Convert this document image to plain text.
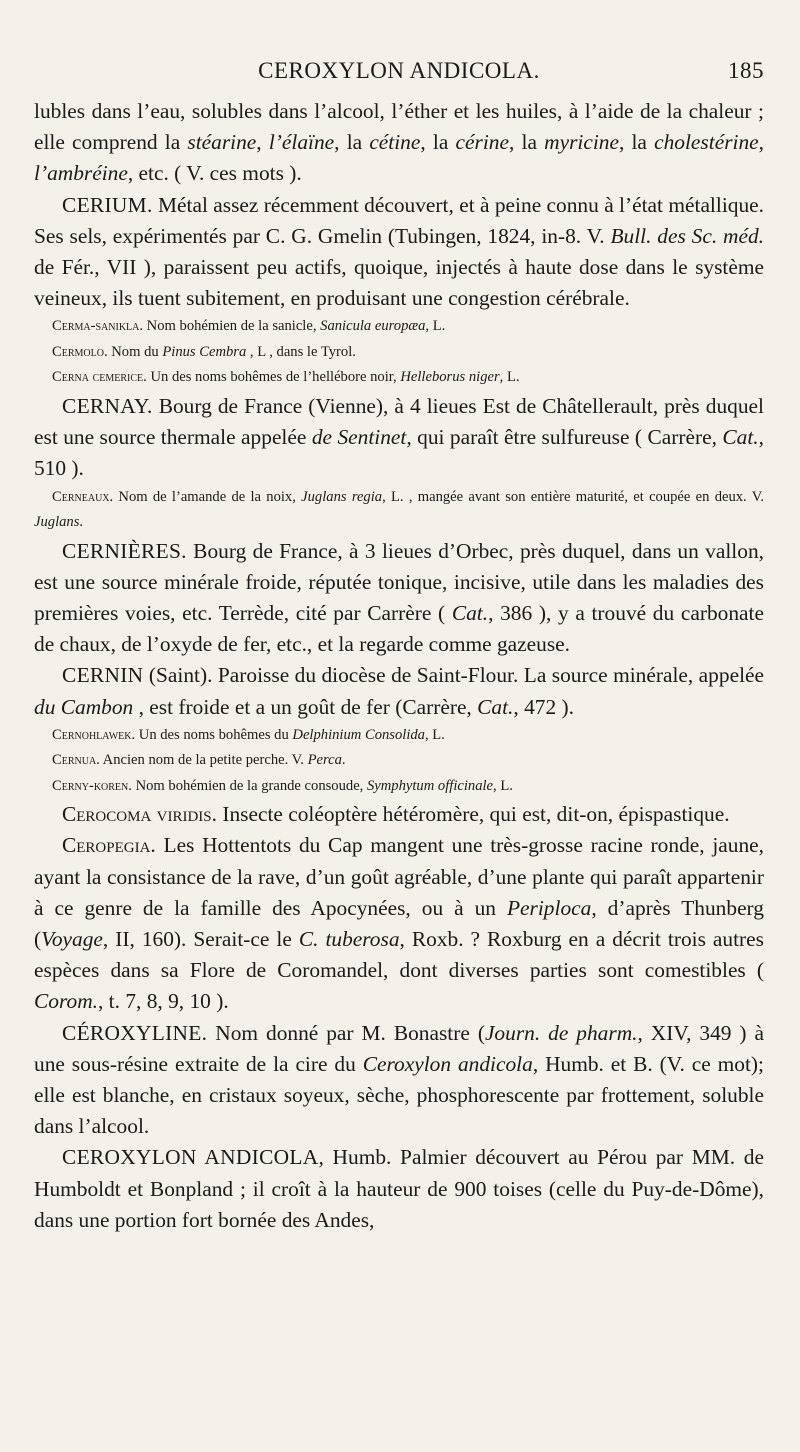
CEROXYLON ANDICOLA.	185

lubles dans l’eau, solubles dans l’alcool, l’éther et les huiles, à l’aide de la chaleur ; elle comprend la stéarine, l’élaïne, la cétine, la cérine, la myricine, la cholestérine, l’ambréine, etc. ( V. ces mots ).

CERIUM. Métal assez récemment découvert, et à peine connu à l’état métallique. Ses sels, expérimentés par C. G. Gmelin (Tubingen, 1824, in-8. V. Bull. des Sc. méd. de Fér., VII ), paraissent peu actifs, quoique, injectés à haute dose dans le système veineux, ils tuent subitement, en produisant une congestion cérébrale.

Cerma-sanikla. Nom bohémien de la sanicle, Sanicula europæa, L.

Cermolo. Nom du Pinus Cembra , L , dans le Tyrol.

Cerna cemerice. Un des noms bohêmes de l’hellébore noir, Helleborus niger, L.

CERNAY. Bourg de France (Vienne), à 4 lieues Est de Châtellerault, près duquel est une source thermale appelée de Sentinet, qui paraît être sulfureuse ( Carrère, Cat., 510 ).

Cerneaux. Nom de l’amande de la noix, Juglans regia, L. , mangée avant son entière maturité, et coupée en deux. V. Juglans.

CERNIÈRES. Bourg de France, à 3 lieues d’Orbec, près duquel, dans un vallon, est une source minérale froide, réputée tonique, incisive, utile dans les maladies des premières voies, etc. Terrède, cité par Carrère ( Cat., 386 ), y a trouvé du carbonate de chaux, de l’oxyde de fer, etc., et la regarde comme gazeuse.

CERNIN (Saint). Paroisse du diocèse de Saint-Flour. La source minérale, appelée du Cambon , est froide et a un goût de fer (Carrère, Cat., 472 ).

Cernohlawek. Un des noms bohêmes du Delphinium Consolida, L.

Cernua. Ancien nom de la petite perche. V. Perca.

Cerny-koren. Nom bohémien de la grande consoude, Symphytum officinale, L.

Cerocoma viridis. Insecte coléoptère hétéromère, qui est, dit-on, épispastique.

Ceropegia. Les Hottentots du Cap mangent une très-grosse racine ronde, jaune, ayant la consistance de la rave, d’un goût agréable, d’une plante qui paraît appartenir à ce genre de la famille des Apocynées, ou à un Periploca, d’après Thunberg (Voyage, II, 160). Serait-ce le C. tuberosa, Roxb. ? Roxburg en a décrit trois autres espèces dans sa Flore de Coromandel, dont diverses parties sont comestibles ( Corom., t. 7, 8, 9, 10 ).

CÉROXYLINE. Nom donné par M. Bonastre (Journ. de pharm., XIV, 349 ) à une sous-résine extraite de la cire du Ceroxylon andicola, Humb. et B. (V. ce mot); elle est blanche, en cristaux soyeux, sèche, phosphorescente par frottement, soluble dans l’alcool.

CEROXYLON ANDICOLA, Humb. Palmier découvert au Pérou par MM. de Humboldt et Bonpland ; il croît à la hauteur de 900 toises (celle du Puy-de-Dôme), dans une portion fort bornée des Andes,
